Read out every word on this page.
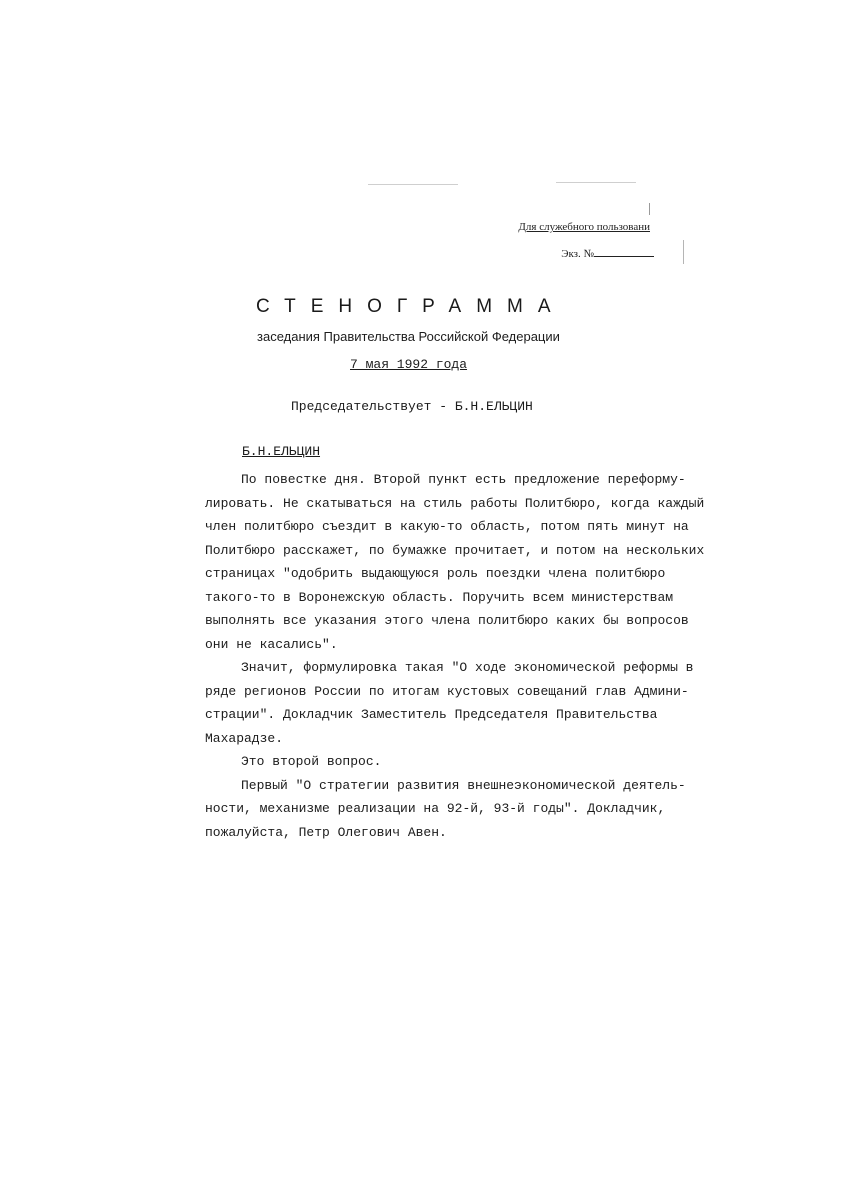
Для служебного пользовани
Экз. №
СТЕНОГРАММА
заседания Правительства Российской Федерации
7 мая 1992 года
Председательствует - Б.Н.ЕЛЬЦИН
Б.Н.ЕЛЬЦИН
По повестке дня. Второй пункт есть предложение переформу-
лировать. Не скатываться на стиль работы Политбюро, когда каждый
член политбюро съездит в какую-то область, потом пять минут на
Политбюро расскажет, по бумажке прочитает, и потом на нескольких
страницах "одобрить выдающуюся роль поездки члена политбюро
такого-то в Воронежскую область. Поручить всем министерствам
выполнять все указания этого члена политбюро каких бы вопросов
они не касались".
Значит, формулировка такая "О ходе экономической реформы в
ряде регионов России по итогам кустовых совещаний глав Админи-
страции". Докладчик Заместитель Председателя Правительства
Махарадзе.
Это второй вопрос.
Первый "О стратегии развития внешнеэкономической деятель-
ности, механизме реализации на 92-й, 93-й годы". Докладчик,
пожалуйста, Петр Олегович Авен.
